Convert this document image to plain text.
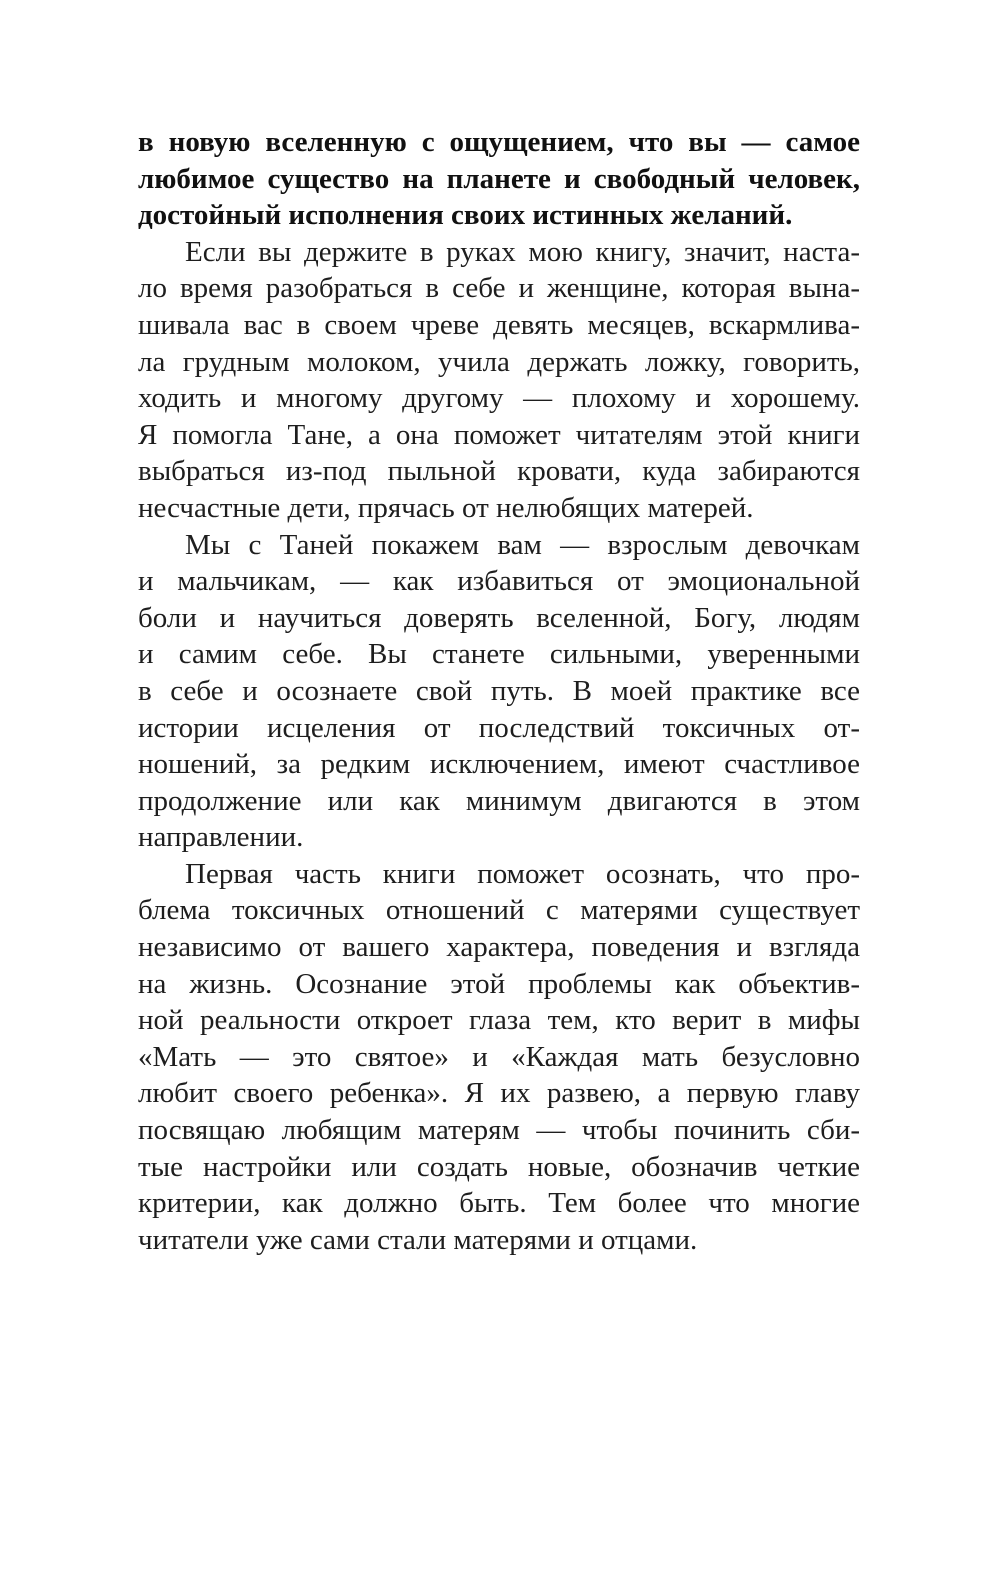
в новую вселенную с ощущением, что вы — самое
любимое существо на планете и свободный человек,
достойный исполнения своих истинных желаний.
Если вы держите в руках мою книгу, значит, наста-
ло время разобраться в себе и женщине, которая вына-
шивала вас в своем чреве девять месяцев, вскармлива-
ла грудным молоком, учила держать ложку, говорить,
ходить и многому другому — плохому и хорошему.
Я помогла Тане, а она поможет читателям этой книги
выбраться из-под пыльной кровати, куда забираются
несчастные дети, прячась от нелюбящих матерей.
Мы с Таней покажем вам — взрослым девочкам
и мальчикам, — как избавиться от эмоциональной
боли и научиться доверять вселенной, Богу, людям
и самим себе. Вы станете сильными, уверенными
в себе и осознаете свой путь. В моей практике все
истории исцеления от последствий токсичных от-
ношений, за редким исключением, имеют счастливое
продолжение или как минимум двигаются в этом
направлении.
Первая часть книги поможет осознать, что про-
блема токсичных отношений с матерями существует
независимо от вашего характера, поведения и взгляда
на жизнь. Осознание этой проблемы как объектив-
ной реальности откроет глаза тем, кто верит в мифы
«Мать — это святое» и «Каждая мать безусловно
любит своего ребенка». Я их развею, а первую главу
посвящаю любящим матерям — чтобы починить сби-
тые настройки или создать новые, обозначив четкие
критерии, как должно быть. Тем более что многие
читатели уже сами стали матерями и отцами.
